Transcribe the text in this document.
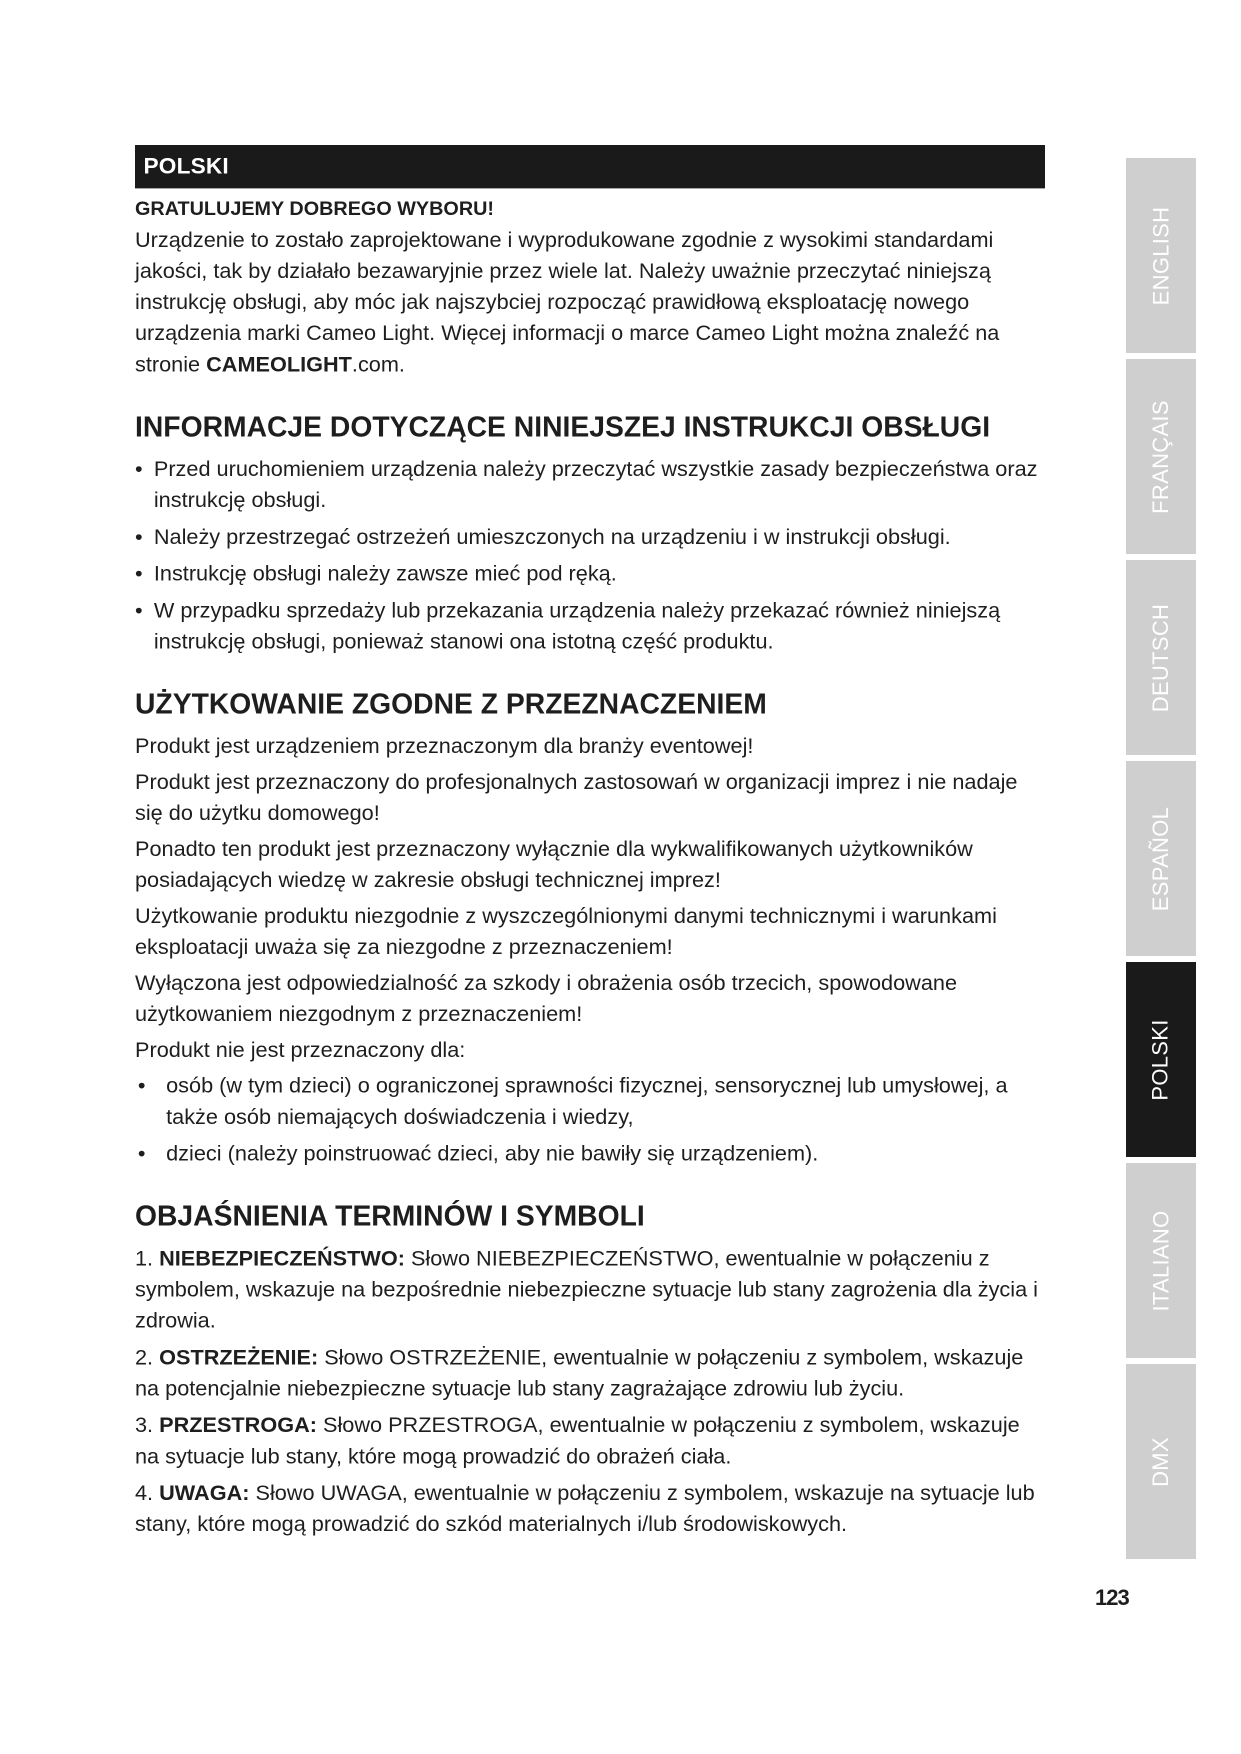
POLSKI
GRATULUJEMY DOBREGO WYBORU!

Urządzenie to zostało zaprojektowane i wyprodukowane zgodnie z wysokimi standardami jakości, tak by działało bezawaryjnie przez wiele lat. Należy uważnie przeczytać niniejszą instrukcję obsługi, aby móc jak najszybciej rozpocząć prawidłową eksploatację nowego urządzenia marki Cameo Light. Więcej informacji o marce Cameo Light można znaleźć na stronie CAMEOLIGHT.com.

INFORMACJE DOTYCZĄCE NINIEJSZEJ INSTRUKCJI OBSŁUGI
• Przed uruchomieniem urządzenia należy przeczytać wszystkie zasady bezpieczeństwa oraz instrukcję obsługi.
• Należy przestrzegać ostrzeżeń umieszczonych na urządzeniu i w instrukcji obsługi.
• Instrukcję obsługi należy zawsze mieć pod ręką.
• W przypadku sprzedaży lub przekazania urządzenia należy przekazać również niniejszą instrukcję obsługi, ponieważ stanowi ona istotną część produktu.
UŻYTKOWANIE ZGODNE Z PRZEZNACZENIEM

Produkt jest urządzeniem przeznaczonym dla branży eventowej!

Produkt jest przeznaczony do profesjonalnych zastosowań w organizacji imprez i nie nadaje się do użytku domowego!

Ponadto ten produkt jest przeznaczony wyłącznie dla wykwalifikowanych użytkowników posiadających wiedzę w zakresie obsługi technicznej imprez!

Użytkowanie produktu niezgodnie z wyszczególnionymi danymi technicznymi i warunkami eksploatacji uważa się za niezgodne z przeznaczeniem!

Wyłączona jest odpowiedzialność za szkody i obrażenia osób trzecich, spowodowane użytkowaniem niezgodnym z przeznaczeniem!

Produkt nie jest przeznaczony dla:

• osób (w tym dzieci) o ograniczonej sprawności fizycznej, sensorycznej lub umysłowej, a także osób niemających doświadczenia i wiedzy,
• dzieci (należy poinstruować dzieci, aby nie bawiły się urządzeniem).
OBJAŚNIENIA TERMINÓW I SYMBOLI
1. NIEBEZPIECZEŃSTWO: Słowo NIEBEZPIECZEŃSTWO, ewentualnie w połączeniu z symbolem, wskazuje na bezpośrednie niebezpieczne sytuacje lub stany zagrożenia dla życia i zdrowia.
2. OSTRZEŻENIE: Słowo OSTRZEŻENIE, ewentualnie w połączeniu z symbolem, wskazuje na potencjalnie niebezpieczne sytuacje lub stany zagrażające zdrowiu lub życiu.
3. PRZESTROGA: Słowo PRZESTROGA, ewentualnie w połączeniu z symbolem, wskazuje na sytuacje lub stany, które mogą prowadzić do obrażeń ciała.
4. UWAGA: Słowo UWAGA, ewentualnie w połączeniu z symbolem, wskazuje na sytuacje lub stany, które mogą prowadzić do szkód materialnych i/lub środowiskowych.
ENGLISH
FRANÇAIS
DEUTSCH
ESPAÑOL
POLSKI
ITALIANO
DMX
123
